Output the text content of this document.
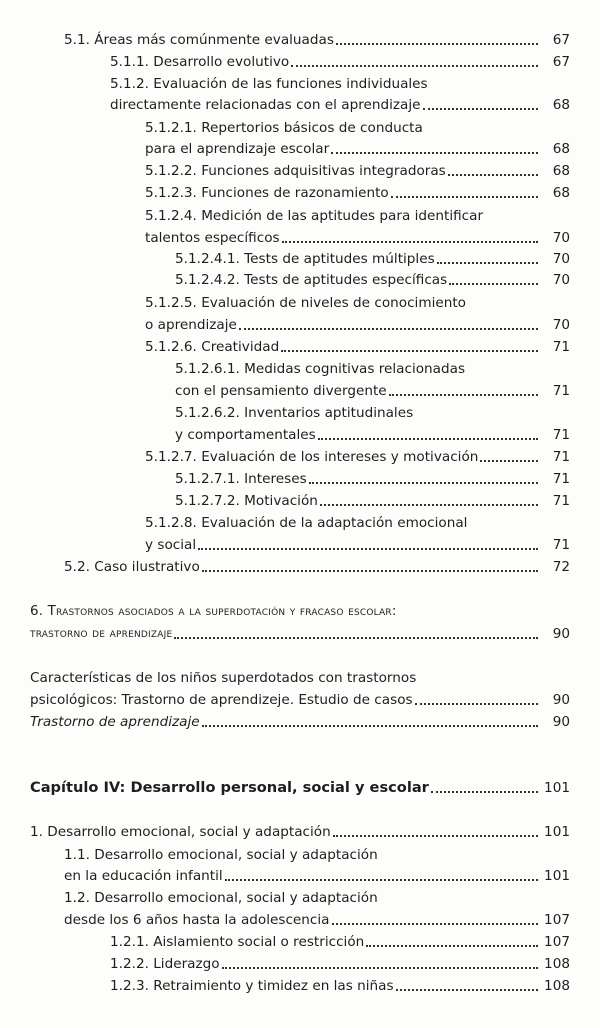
5.1. Áreas más comúnmente evaluadas	67
5.1.1. Desarrollo evolutivo	67
5.1.2. Evaluación de las funciones individuales
directamente relacionadas con el aprendizaje	68
5.1.2.1. Repertorios básicos de conducta
para el aprendizaje escolar	68
5.1.2.2. Funciones adquisitivas integradoras	68
5.1.2.3. Funciones de razonamiento	68
5.1.2.4. Medición de las aptitudes para identificar
talentos específicos	70
5.1.2.4.1. Tests de aptitudes múltiples	70
5.1.2.4.2. Tests de aptitudes específicas	70
5.1.2.5. Evaluación de niveles de conocimiento
o aprendizaje	70
5.1.2.6. Creatividad	71
5.1.2.6.1. Medidas cognitivas relacionadas
con el pensamiento divergente	71
5.1.2.6.2. Inventarios aptitudinales
y comportamentales	71
5.1.2.7. Evaluación de los intereses y motivación	71
5.1.2.7.1. Intereses	71
5.1.2.7.2. Motivación	71
5.1.2.8. Evaluación de la adaptación emocional
y social	71
5.2. Caso ilustrativo	72
6. Trastornos asociados a la superdotación y fracaso escolar:
trastorno de aprendizaje	90
Características de los niños superdotados con trastornos
psicológicos: Trastorno de aprendizeje. Estudio de casos	90
Trastorno de aprendizaje	90
Capítulo IV: Desarrollo personal, social y escolar	101
1. Desarrollo emocional, social y adaptación	101
1.1. Desarrollo emocional, social y adaptación
en la educación infantil	101
1.2. Desarrollo emocional, social y adaptación
desde los 6 años hasta la adolescencia	107
1.2.1. Aislamiento social o restricción	107
1.2.2. Liderazgo	108
1.2.3. Retraimiento y timidez en las niñas	108
